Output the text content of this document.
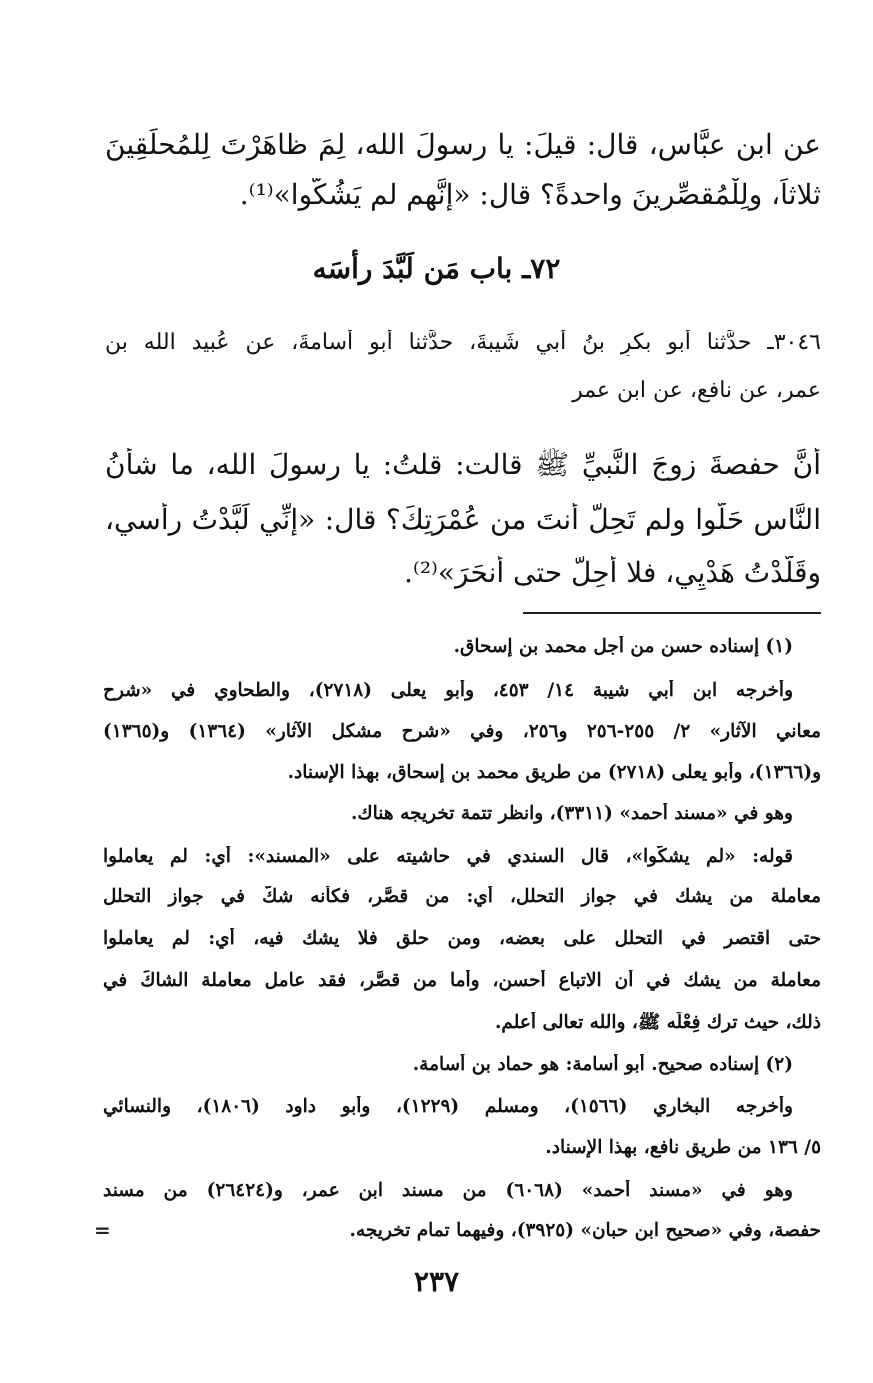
عن ابن عبَّاسٍ، قال: قيلَ: يا رسولَ الله، لِمَ ظاهَرْتَ لِلمُحلِّقِينَ
ثلاثاً، ولِلْمُقصِّرِينَ واحدةً؟ قال: «إنَّهم لم يَشُكُّوا»⁽¹⁾.
٧٢ـ باب مَن لَبَّدَ رأسَه
٣٠٤٦ـ حدَّثنا أبو بكرِ بنُ أبي شَيبةَ، حدَّثنا أبو أُسامةَ، عن عُبيد الله بن
عمر، عن نافعٍ، عن ابن عمر
أنَّ حفصةَ زوجَ النَّبيِّ ﷺ قالت: قلتُ: يا رسولَ الله، ما شأنُ
النَّاسِ حَلُّوا ولم تَحِلَّ أنتَ من عُمْرَتِكَ؟ قال: «إنِّي لَبَّدْتُ رأسي،
وقَلَّدْتُ هَدْيِي، فلا أَحِلُّ حتى أنحَرَ»⁽²⁾.
(١) إسناده حسن من أجل محمد بن إسحاق.
وأخرجه ابن أبي شيبة ١٤/ ٤٥٣، وأبو يعلى (٢٧١٨)، والطحاوي في «شرح
معاني الآثار» ٢/ ٢٥٥-٢٥٦ و٢٥٦، وفي «شرح مشكل الآثار» (١٣٦٤) و(١٣٦٥)
و(١٣٦٦)، وأبو يعلى (٢٧١٨) من طريق محمد بن إسحاق، بهذا الإسناد.
وهو في «مسند أحمد» (٣٣١١)، وانظر تتمة تخريجه هناك.
قوله: «لم يشكُّوا»، قال السندي في حاشيته على «المسند»: أي: لم يعاملوا
معاملة من يشك في جواز التحلل، أي: من قصَّر، فكأنه شكَّ في جواز التحلل
حتى اقتصر في التحلل على بعضه، ومن حلق فلا يشك فيه، أي: لم يعاملوا
معاملة من يشك في أن الاتباع أحسن، وأما من قصَّر، فقد عامل معاملة الشاكِّ في
ذلك، حيث ترك فِعْلَه ﷺ، والله تعالى أعلم.
(٢) إسناده صحيح. أبو أسامة: هو حماد بن أسامة.
وأخرجه البخاري (١٥٦٦)، ومسلم (١٢٢٩)، وأبو داود (١٨٠٦)، والنسائي
٥/ ١٣٦ من طريق نافع، بهذا الإسناد.
وهو في «مسند أحمد» (٦٠٦٨) من مسند ابن عمر، و(٢٦٤٢٤) من مسند
حفصة، وفي «صحيح ابن حبان» (٣٩٢٥)، وفيهما تمام تخريجه.
=
٢٣٧
